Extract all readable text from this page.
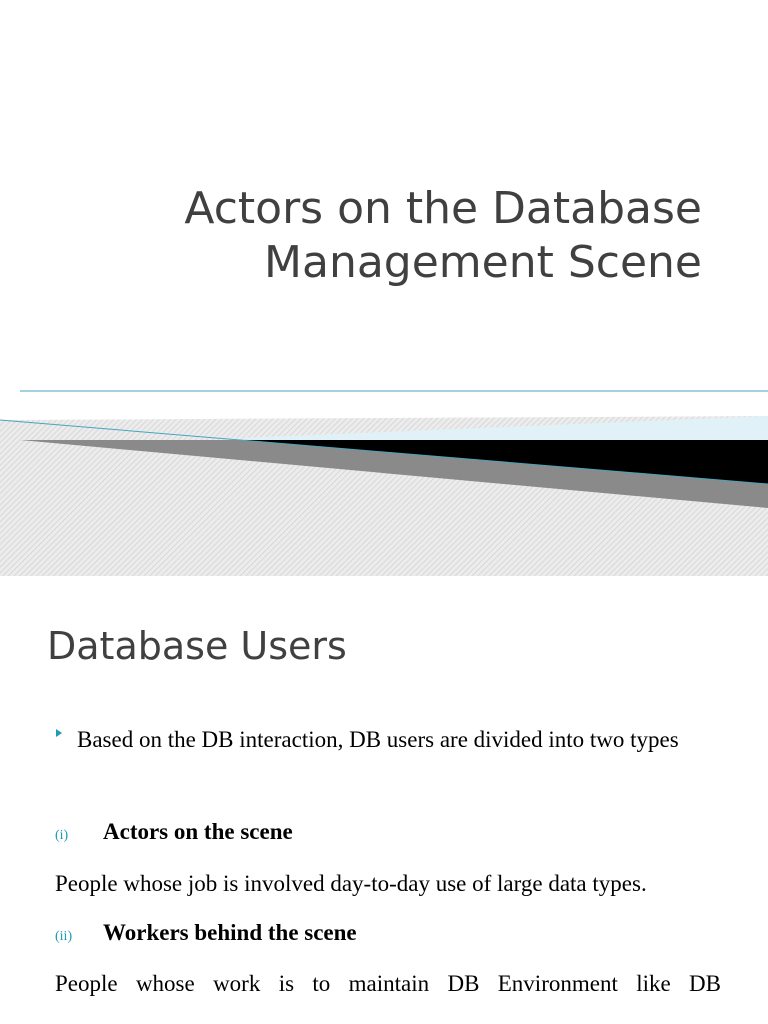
Actors on the Database
Management Scene
Database Users
Based on the DB interaction, DB users are divided into two types
(i) Actors on the scene
People whose job is involved day-to-day use of large data types.
(ii) Workers behind the scene
People whose work is to maintain DB Environment like DB
